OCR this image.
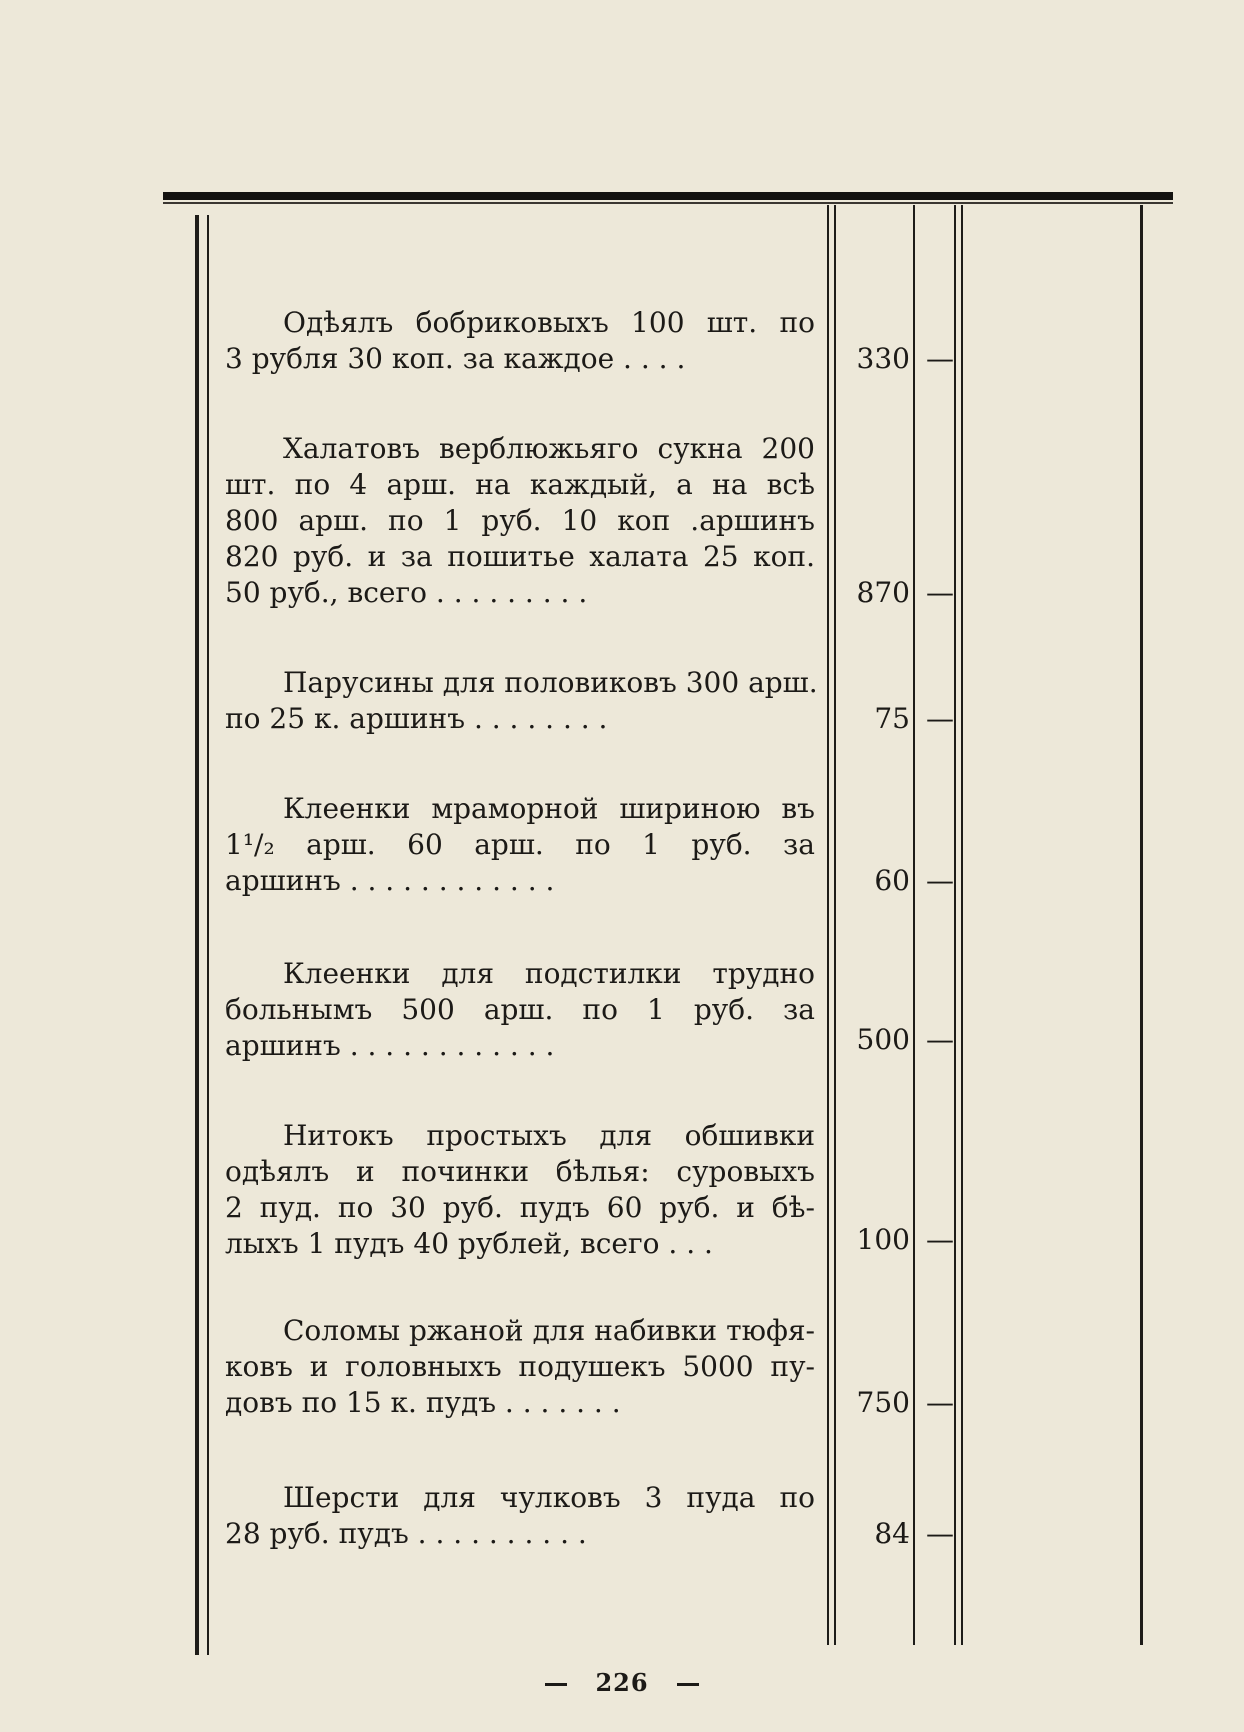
Одѣялъ бобриковыхъ 100 шт. по
3 рубля 30 коп. за каждое . . . .	330 —
Халатовъ верблюжьяго сукна 200
шт. по 4 арш. на каждый, а на всѣ
800 арш. по 1 руб. 10 коп .аршинъ
820 руб. и за пошитье халата 25 коп.
50 руб., всего . . . . . . . . .	870 —
Парусины для половиковъ 300 арш.
по 25 к. аршинъ . . . . . . . .	75 —
Клеенки мраморной шириною въ
1¹/₂ арш. 60 арш. по 1 руб. за
аршинъ . . . . . . . . . . . .	60 —
Клеенки для подстилки трудно
больнымъ 500 арш. по 1 руб. за
аршинъ . . . . . . . . . . . .	500 —
Нитокъ простыхъ для обшивки
одѣялъ и починки бѣлья: суровыхъ
2 пуд. по 30 руб. пудъ 60 руб. и бѣ-
лыхъ 1 пудъ 40 рублей, всего . . .	100 —
Соломы ржаной для набивки тюфя-
ковъ и головныхъ подушекъ 5000 пу-
довъ по 15 к. пудъ . . . . . . .	750 —
Шерсти для чулковъ 3 пуда по
28 руб. пудъ . . . . . . . . . .	84 —
226
